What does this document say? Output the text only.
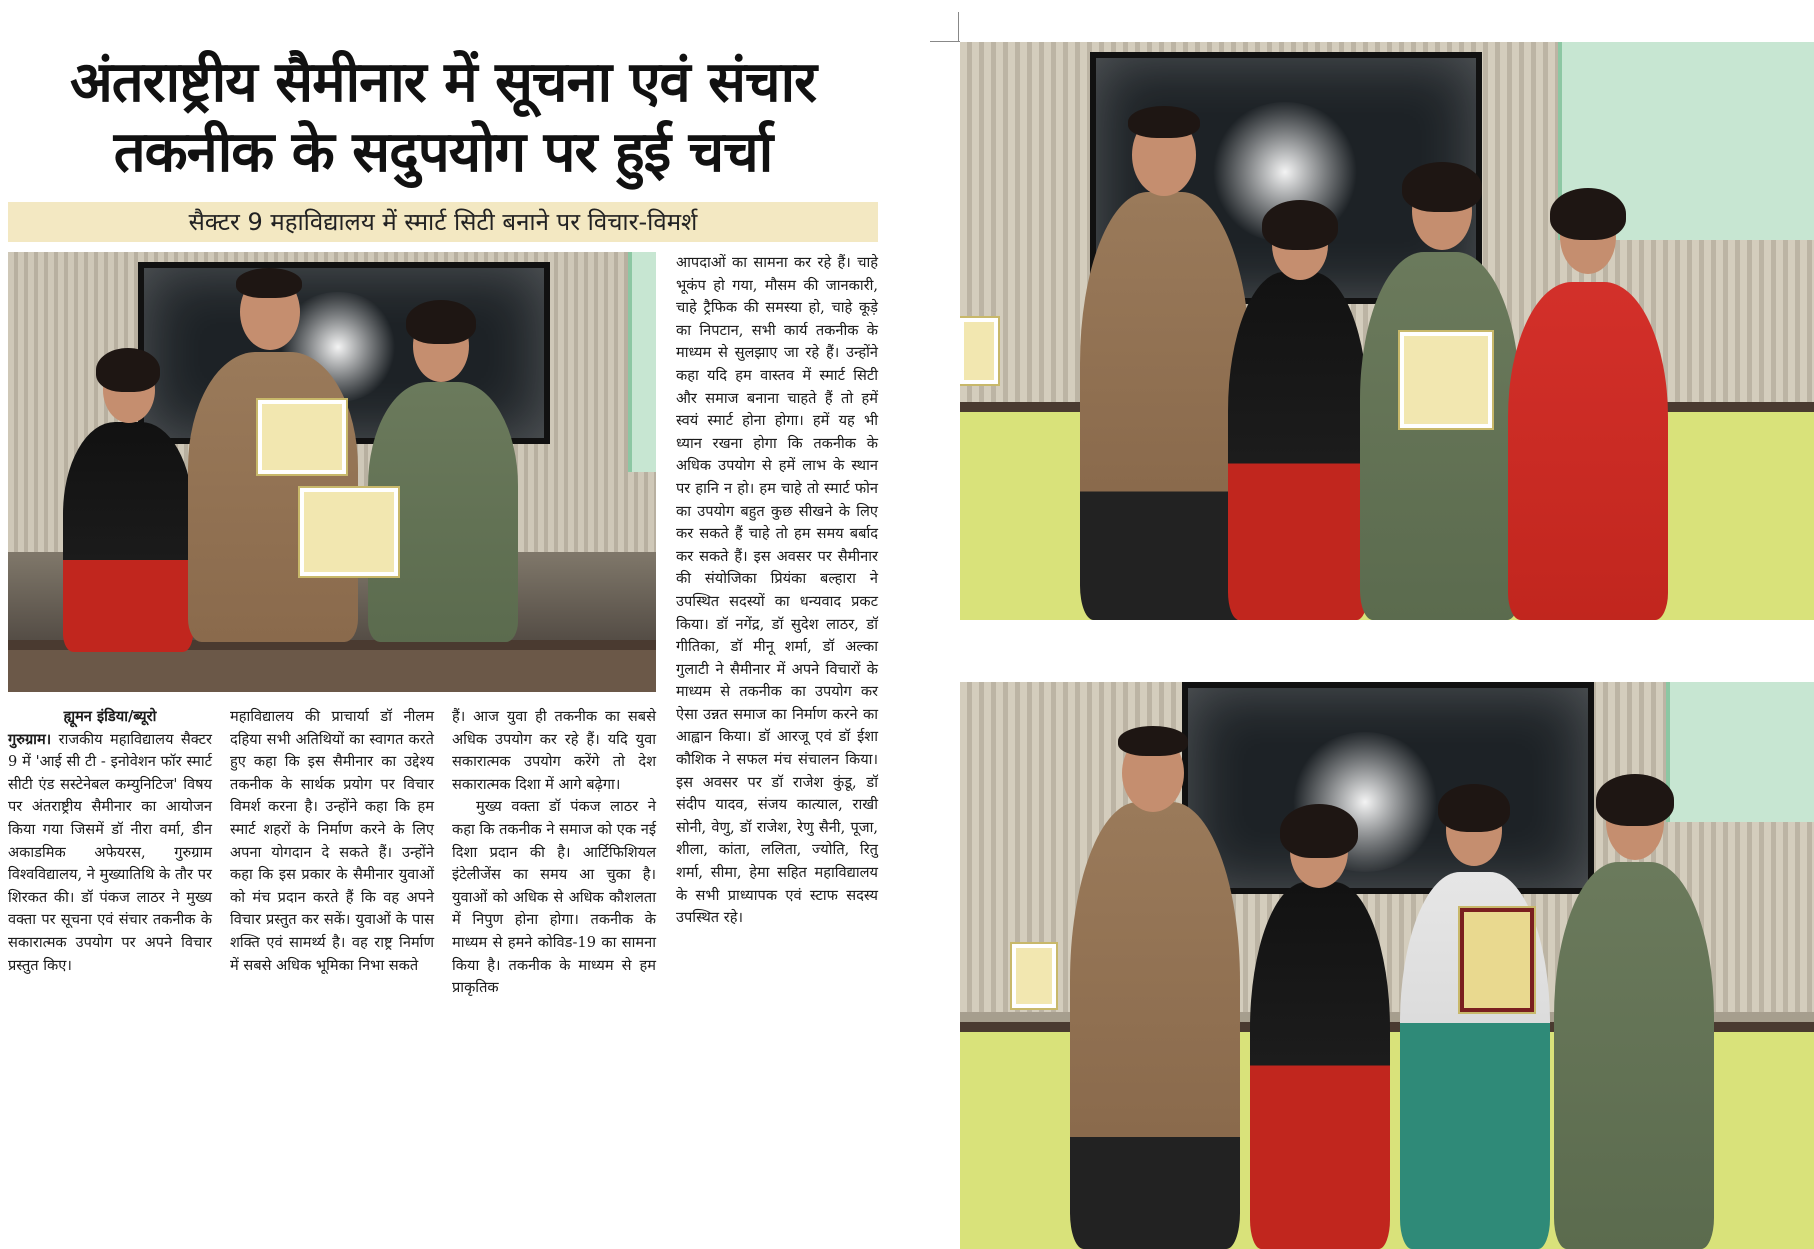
अंतराष्ट्रीय सैमीनार में सूचना एवं संचार
तकनीक के सदुपयोग पर हुई चर्चा
सैक्टर 9 महाविद्यालय में स्मार्ट सिटी बनाने पर विचार-विमर्श
ह्यूमन इंडिया/ब्यूरो
गुरुग्राम। राजकीय महाविद्यालय सैक्टर 9 में 'आई सी टी - इनोवेशन फॉर स्मार्ट सीटी एंड सस्टेनेबल कम्युनिटिज' विषय पर अंतराष्ट्रीय सैमीनार का आयोजन किया गया जिसमें डॉ नीरा वर्मा, डीन अकाडमिक अफेयरस, गुरुग्राम विश्वविद्यालय, ने मुख्यातिथि के तौर पर शिरकत की। डॉ पंकज लाठर ने मुख्य वक्ता पर सूचना एवं संचार तकनीक के सकारात्मक उपयोग पर अपने विचार प्रस्तुत किए।
महाविद्यालय की प्राचार्या डॉ नीलम दहिया सभी अतिथियों का स्वागत करते हुए कहा कि इस सैमीनार का उद्देश्य तकनीक के सार्थक प्रयोग पर विचार विमर्श करना है। उन्होंने कहा कि हम स्मार्ट शहरों के निर्माण करने के लिए अपना योगदान दे सकते हैं। उन्होंने कहा कि इस प्रकार के सैमीनार युवाओं को मंच प्रदान करते हैं कि वह अपने विचार प्रस्तुत कर सकें। युवाओं के पास शक्ति एवं सामर्थ्य है। वह राष्ट्र निर्माण में सबसे अधिक भूमिका निभा सकते

हैं। आज युवा ही तकनीक का सबसे अधिक उपयोग कर रहे हैं। यदि युवा सकारात्मक उपयोग करेंगे तो देश सकारात्मक दिशा में आगे बढ़ेगा।

मुख्य वक्ता डॉ पंकज लाठर ने कहा कि तकनीक ने समाज को एक नई दिशा प्रदान की है। आर्टिफिशियल इंटेलीजेंस का समय आ चुका है। युवाओं को अधिक से अधिक कौशलता में निपुण होना होगा। तकनीक के माध्यम से हमने कोविड-19 का सामना किया है। तकनीक के माध्यम से हम प्राकृतिक

आपदाओं का सामना कर रहे हैं। चाहे भूकंप हो गया, मौसम की जानकारी, चाहे ट्रैफिक की समस्या हो, चाहे कूड़े का निपटान, सभी कार्य तकनीक के माध्यम से सुलझाए जा रहे हैं। उन्होंने कहा यदि हम वास्तव में स्मार्ट सिटी और समाज बनाना चाहते हैं तो हमें स्वयं स्मार्ट होना होगा। हमें यह भी ध्यान रखना होगा कि तकनीक के अधिक उपयोग से हमें लाभ के स्थान पर हानि न हो। हम चाहे तो स्मार्ट फोन का उपयोग बहुत कुछ सीखने के लिए कर सकते हैं चाहे तो हम समय बर्बाद कर सकते हैं। इस अवसर पर सैमीनार की संयोजिका प्रियंका बल्हारा ने उपस्थित सदस्यों का धन्यवाद प्रकट किया। डॉ नगेंद्र, डॉ सुदेश लाठर, डॉ गीतिका, डॉ मीनू शर्मा, डॉ अल्का गुलाटी ने सैमीनार में अपने विचारों के माध्यम से तकनीक का उपयोग कर ऐसा उन्नत समाज का निर्माण करने का आह्वान किया। डॉ आरजू एवं डॉ ईशा कौशिक ने सफल मंच संचालन किया। इस अवसर पर डॉ राजेश कुंडू, डॉ संदीप यादव, संजय कात्याल, राखी सोनी, वेणु, डॉ राजेश, रेणु सैनी, पूजा, शीला, कांता, ललिता, ज्योति, रितु शर्मा, सीमा, हेमा सहित महाविद्यालय के सभी प्राध्यापक एवं स्टाफ सदस्य उपस्थित रहे।
